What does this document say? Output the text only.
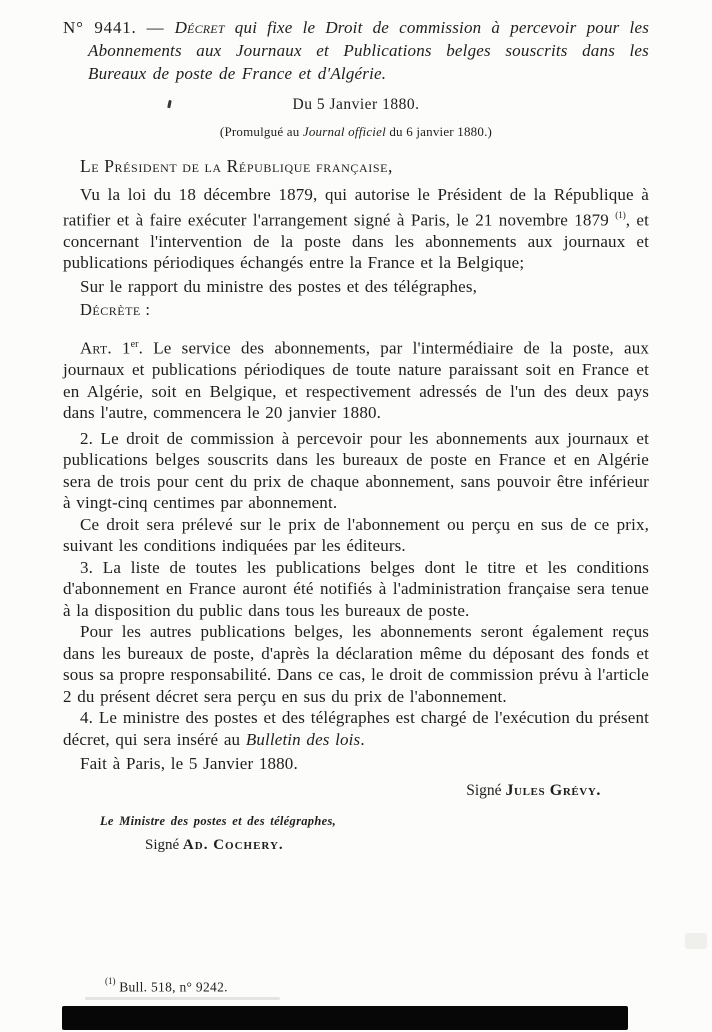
N° 9441. — Décret qui fixe le Droit de commission à percevoir pour les Abonnements aux Journaux et Publications belges souscrits dans les Bureaux de poste de France et d'Algérie.

Du 5 Janvier 1880.

(Promulgué au Journal officiel du 6 janvier 1880.)

Le Président de la République française,

Vu la loi du 18 décembre 1879, qui autorise le Président de la République à ratifier et à faire exécuter l'arrangement signé à Paris, le 21 novembre 1879 $^{(1)}$, et concernant l'intervention de la poste dans les abonnements aux journaux et publications périodiques échangés entre la France et la Belgique;

Sur le rapport du ministre des postes et des télégraphes,

Décrète :

Art. 1er. Le service des abonnements, par l'intermédiaire de la poste, aux journaux et publications périodiques de toute nature paraissant soit en France et en Algérie, soit en Belgique, et respectivement adressés de l'un des deux pays dans l'autre, commencera le 20 janvier 1880.

2. Le droit de commission à percevoir pour les abonnements aux journaux et publications belges souscrits dans les bureaux de poste en France et en Algérie sera de trois pour cent du prix de chaque abonnement, sans pouvoir être inférieur à vingt-cinq centimes par abonnement.

Ce droit sera prélevé sur le prix de l'abonnement ou perçu en sus de ce prix, suivant les conditions indiquées par les éditeurs.

3. La liste de toutes les publications belges dont le titre et les conditions d'abonnement en France auront été notifiés à l'administration française sera tenue à la disposition du public dans tous les bureaux de poste.

Pour les autres publications belges, les abonnements seront également reçus dans les bureaux de poste, d'après la déclaration même du déposant des fonds et sous sa propre responsabilité. Dans ce cas, le droit de commission prévu à l'article 2 du présent décret sera perçu en sus du prix de l'abonnement.

4. Le ministre des postes et des télégraphes est chargé de l'exécution du présent décret, qui sera inséré au Bulletin des lois.

Fait à Paris, le 5 Janvier 1880.

Signé Jules Grévy.

Le Ministre des postes et des télégraphes,

Signé Ad. Cochery.

$^{(1)}$ Bull. 518, n° 9242.
